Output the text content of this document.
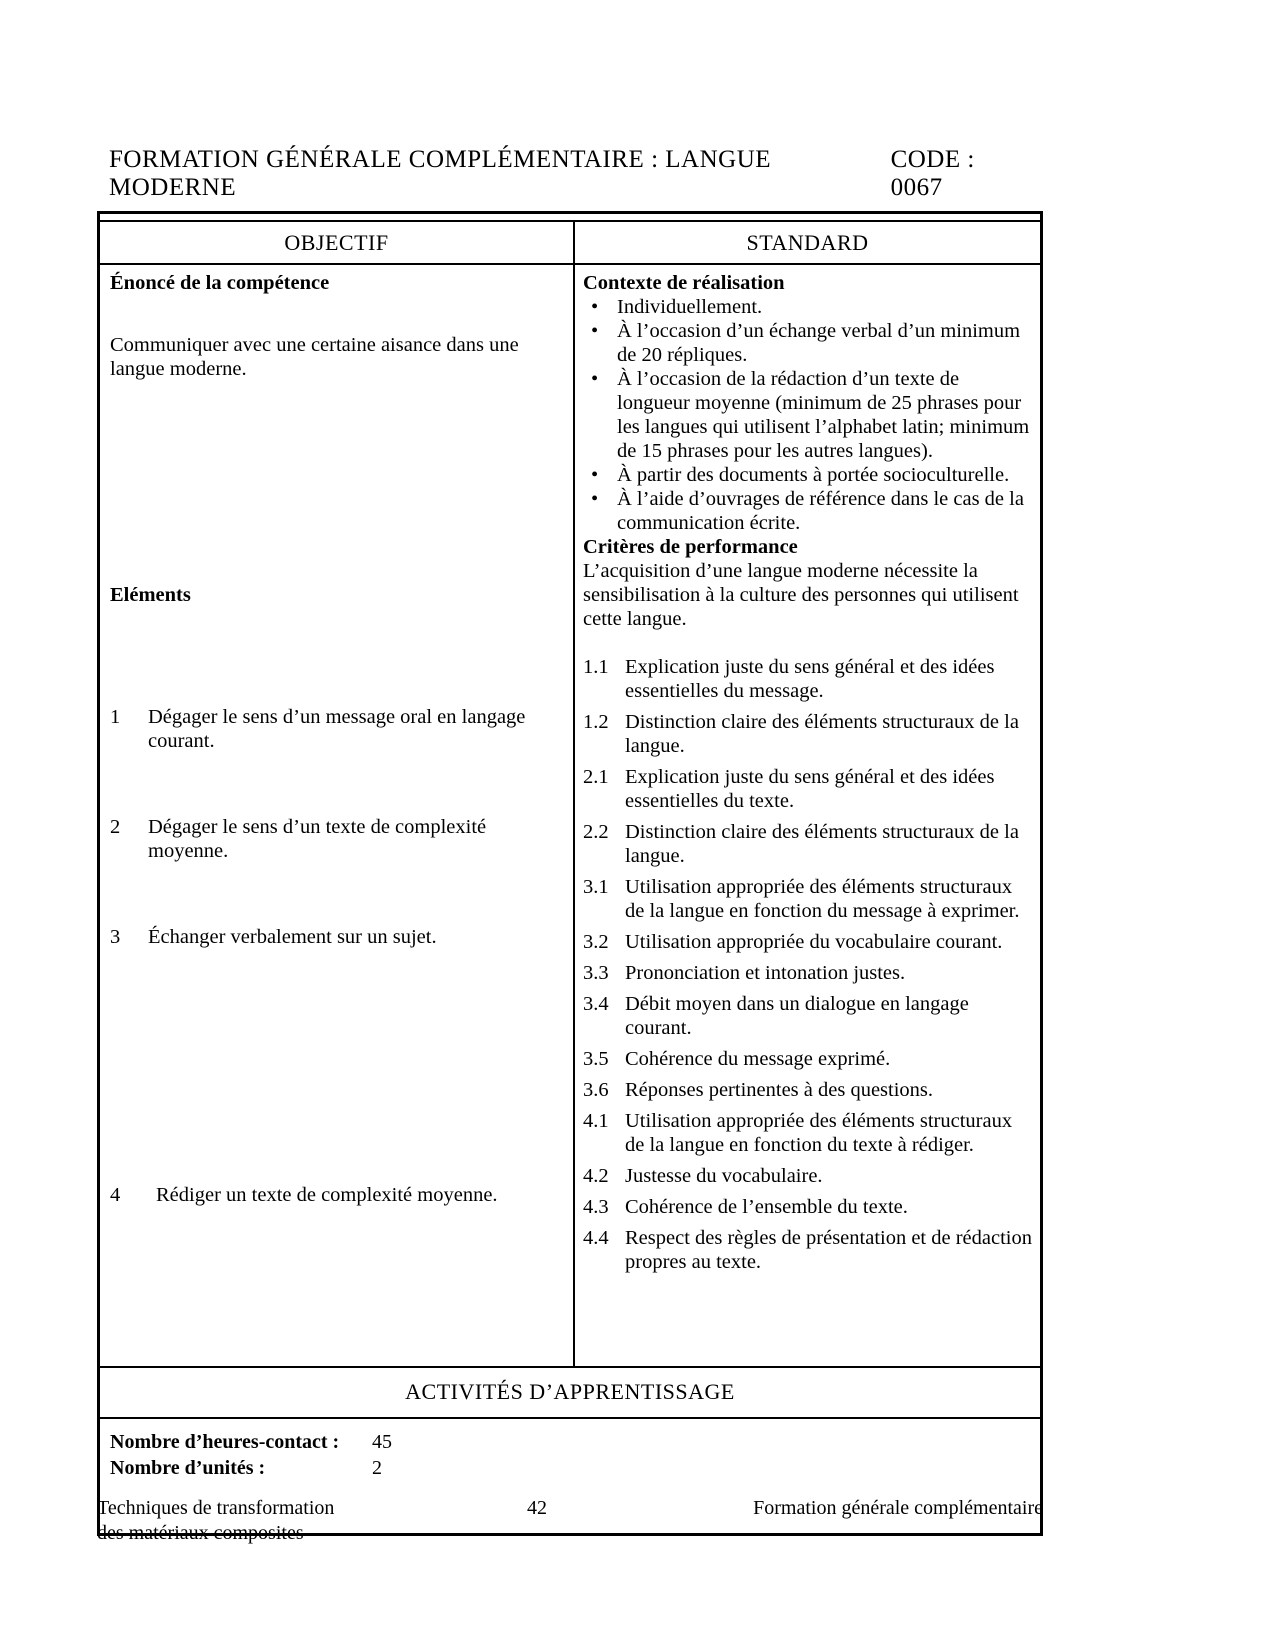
FORMATION GÉNÉRALE COMPLÉMENTAIRE : LANGUE MODERNE
CODE : 0067
OBJECTIF	STANDARD
Énoncé de la compétence
Communiquer avec une certaine aisance dans une langue moderne.
Eléments
1	Dégager le sens d’un message oral en langage courant.
2	Dégager le sens d’un texte de complexité moyenne.
3	Échanger verbalement sur un sujet.
4	Rédiger un texte de complexité moyenne.
Contexte de réalisation
• Individuellement.
• À l’occasion d’un échange verbal d’un minimum de 20 répliques.
• À l’occasion de la rédaction d’un texte de longueur moyenne (minimum de 25 phrases pour les langues qui utilisent l’alphabet latin; minimum de 15 phrases pour les autres langues).
• À partir des documents à portée socioculturelle.
• À l’aide d’ouvrages de référence dans le cas de la communication écrite.
Critères de performance
L’acquisition d’une langue moderne nécessite la sensibilisation à la culture des personnes qui utilisent cette langue.
1.1 Explication juste du sens général et des idées essentielles du message.
1.2 Distinction claire des éléments structuraux de la langue.
2.1 Explication juste du sens général et des idées essentielles du texte.
2.2 Distinction claire des éléments structuraux de la langue.
3.1 Utilisation appropriée des éléments structuraux de la langue en fonction du message à exprimer.
3.2 Utilisation appropriée du vocabulaire courant.
3.3 Prononciation et intonation justes.
3.4 Débit moyen dans un dialogue en langage courant.
3.5 Cohérence du message exprimé.
3.6 Réponses pertinentes à des questions.
4.1 Utilisation appropriée des éléments structuraux de la langue en fonction du texte à rédiger.
4.2 Justesse du vocabulaire.
4.3 Cohérence de l’ensemble du texte.
4.4 Respect des règles de présentation et de rédaction propres au texte.
ACTIVITÉS D’APPRENTISSAGE
Nombre d’heures-contact :	45
Nombre d’unités :	2
Techniques de transformation
des matériaux composites
42	Formation générale complémentaire
